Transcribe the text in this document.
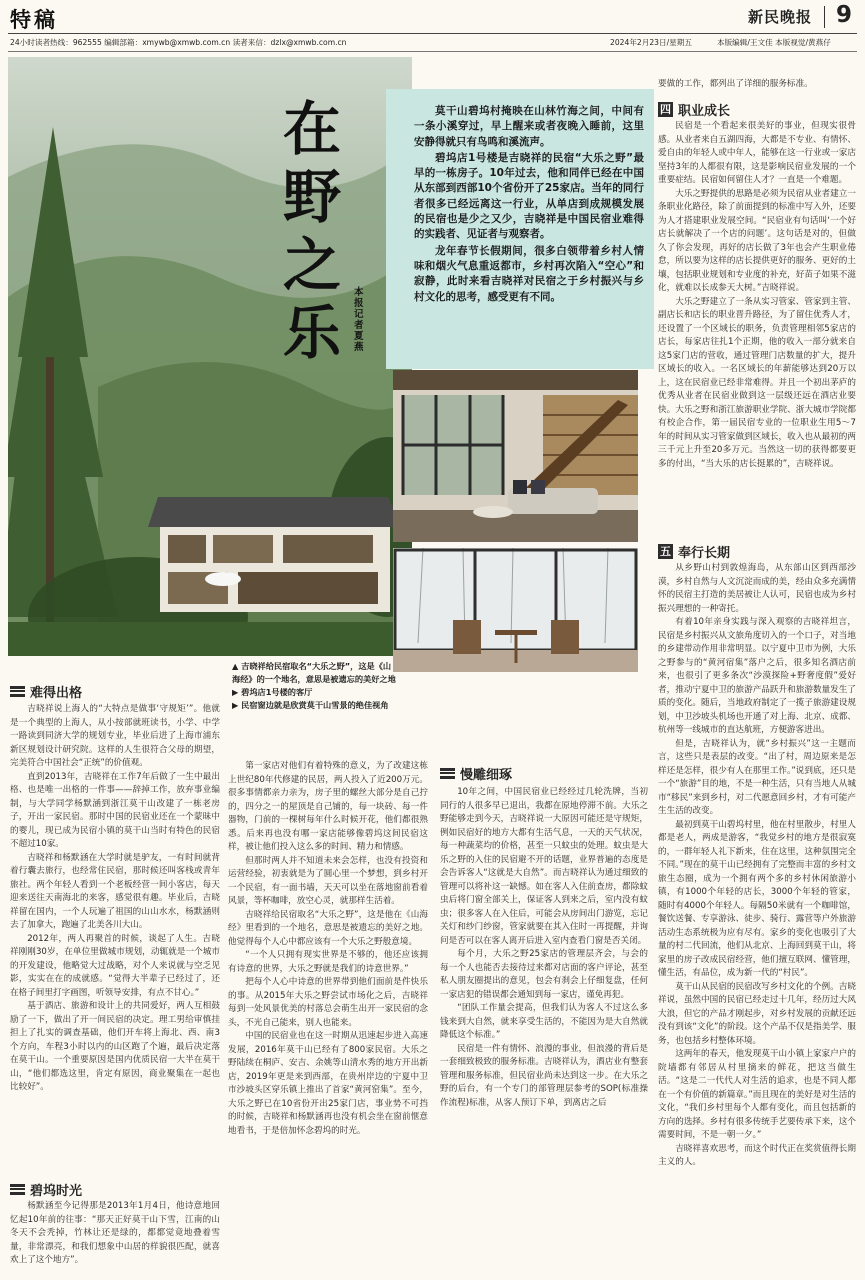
特稿	新民晚报 9
24小时读者热线：962555 编辑部箱：xmywb@xmwb.com.cn 读者来信：dzlx@xmwb.com.cn	2024年2月23日/星期五	本版编辑/王文佳 本版视觉/黄燕仔
在
野
之
乐
本报记者 夏燕

莫干山碧坞村掩映在山林竹海之间，中间有一条小溪穿过，早上醒来或者夜晚入睡前，这里安静得就只有鸟鸣和溪流声。

碧坞店1号楼是吉晓祥的民宿“大乐之野”最早的一栋房子。10年过去，他和同伴已经在中国从东部到西部10个省份开了25家店。当年的同行者很多已经远离这一行业，从单店到成规模发展的民宿也是少之又少，吉晓祥是中国民宿业难得的实践者、见证者与观察者。

龙年春节长假期间，很多白领带着乡村人情味和烟火气息重返都市，乡村再次陷入“空心”和寂静，此时来看吉晓祥对民宿之于乡村振兴与乡村文化的思考，感受更有不同。

▲ 吉晓祥给民宿取名“大乐之野”，这是《山海经》的一个地名，意思是被遗忘的美好之地
▶ 碧坞店1号楼的客厅
▶ 民宿窗边就是欣赏莫干山雪景的绝佳视角
难得出格
碧坞时光
慢雕细琢
四 职业成长
五 奉行长期

吉晓祥说上海人的“大特点是做事‘守规矩’”。他就是一个典型的上海人，从小按部就班读书，小学、中学一路读到同济大学的规划专业，毕业后进了上海市浦东新区规划设计研究院。这样的人生很符合父母的期望，完美符合中国社会“正统”的价值观。

直到2013年，吉晓祥在工作7年后做了一生中最出格、也是唯一出格的一件事——辞掉工作，放弃事业编制，与大学同学杨默涵到浙江莫干山改建了一栋老房子，开出一家民宿。那时中国的民宿业还在一个蒙昧中的婴儿，现已成为民宿小镇的莫干山当时有特色的民宿不超过10家。

吉晓祥和杨默涵在大学时就是驴友，一有时间就背着行囊去旅行，也经常住民宿，那时候还叫客栈或青年旅社。两个年轻人看到一个老板经营一间小客店，每天迎来送往天南海北的来客，感觉很有趣。毕业后，吉晓祥留在国内，一个人玩遍了祖国的山山水水，杨默涵则去了加拿大，跑遍了北美各川大山。

2012年，两人再聚首的时候，谈起了人生。吉晓祥刚刚30岁，在单位里做城市规划，动辄就是一个城市的开发建设，他略觉大过战略，对个人来说就与空乏见影，实实在在的成就感。“觉得大半辈子已经过了，还在格子间里打字画图，听领导安排，有点不甘心。”

基于酒店、旅游和设计上的共同爱好，两人互相鼓励了一下，做出了开一间民宿的决定。理工男给审慎挂担上了扎实的调查基础，他们开车将上海北、西、南3个方向，车程3小时以内的山区跑了个遍，最后决定落在莫干山。一个重要原因是国内优质民宿一大半在莫干山，“他们都选这里，肯定有原因，商业聚集在一起也比较好”。

杨默涵至今记得那是2013年1月4日，他诗意地回忆起10年前的往事：“那天正好莫干山下雪，江南的山冬天不会秃掉，竹林让还是绿的，都都觉竟地叠着雪量，非常漂亮，和我们想象中山居的样貌很匹配，就喜欢上了这个地方”。

第一家店对他们有着特殊的意义，为了改建这栋上世纪80年代修建的民居，两人投入了近200万元。很多事情都亲力亲为，房子里的螺丝大部分是自己拧的，四分之一的屋顶是自己铺的，每一块砖、每一件器物，门前的一棵树每年什么时候开花，他们都很熟悉。后来再也没有哪一家店能够像碧坞这间民宿这样，被让他们投入这么多的时间、精力和情感。

但那时两人并不知道未来会怎样，也没有投资和运营经验，初衷就是为了圆心里一个梦想，到乡村开一个民宿，有一面书墙，天天可以坐在落地窗前看着风景，等杯咖啡，放空心灵，就那样生活着。

吉晓祥给民宿取名“大乐之野”，这是他在《山海经》里看到的一个地名，意思是被遗忘的美好之地。他觉得每个人心中都应该有一个大乐之野般意境。

“一个人只拥有现实世界是不够的，他还应该拥有诗意的世界，大乐之野就是我们的诗意世界。”

把每个人心中诗意的世界带到他们面前是件快乐的事。从2015年大乐之野尝试市场化之后，吉晓祥每到一处风景优美的村落总会萌生出开一家民宿的念头，不光自己能来，别人也能来。

中国的民宿业也在这一时期从迅速起步进入高速发展，2016年莫干山已经有了800家民宿。大乐之野陆续在桐庐、安吉、余姚等山清水秀的地方开出新店，2019年更是来到西部，在贵州岸边的宁夏中卫市沙坡头区穿乐镇上推出了首家“黄河窑集”。至今，大乐之野已在10省份开出25家门店，事业势不可挡的时候，吉晓祥和杨默涵再也没有机会坐在窗前惬意地看书，于是倍加怀念碧坞的时光。

10年之间，中国民宿业已经经过几轮洗牌，当初同行的人很多早已退出，我都在原地停滞不前。大乐之野能够走到今天，吉晓祥说一大原因可能还是守规矩，例如民宿好的地方大都有生活气息，一天的天气状况，每一种蔬菜均的价格，甚至一只蚊虫的处理。蚊虫是大乐之野的入住的民宿避不开的话题，业界普遍的态度是会告诉客人“这就是大自然”。而吉晓祥认为通过细致的管理可以将补这一缺憾。如在客人入住前查房，都除蚊虫后将门窗全部关上，保证客人到来之后，室内没有蚊虫；很多客人在入住后，可能会从房间出门游览，忘记关灯和纱门纱窗，管家就要在其入住时一再提醒，并询问是否可以在客人离开后进入室内查看门窗是否关闭。

每个月，大乐之野25家店的管理层齐会，与会的每一个人也能否去接待过来都对店面的客户评论，甚至私人朋友圈提出的意见，包会有刹会上仔细复盘，任何一家店犯的错误都会通知到每一家店，谨免再犯。

“团队工作量会提高，但我们认为客人不过这么多钱来到大自然，就来享受生活的，不能因为是大自然就降低这个标准。”

民宿是一件有情怀、浪漫的事业，但浪漫的背后是一套细致极致的服务标准。吉晓祥认为，酒店业有整套管理和服务标准，但民宿业尚未达到这一步。在大乐之野的后台，有一个专门的部管理层参考的SOP(标准操作流程)标准，从客人预订下单，到离店之后

要做的工作，都列出了详细的服务标准。

民宿是一个看起来很美好的事业，但现实很骨感。从业者来自五湖四海，大都是不专业、有情怀、爱自由的年轻人或中年人，能够在这一行业或一家店坚持3年的人都很有限，这是影响民宿业发展的一个重要症结。民宿如何留住人才？一直是一个难题。

大乐之野提供的思路是必须为民宿从业者建立一条职业化路径，除了前面提到的标准中写入外，还要为人才搭建职业发展空间。“民宿业有句话叫‘一个好店长就解决了一个店的问题’。这句话是对的，但做久了你会发现，再好的店长做了3年也会产生职业倦怠，所以要为这样的店长提供更好的服务、更好的土壤，包括职业规划和专业度的补充，好苗子如果不滋化，就难以长成参天大树。”吉晓祥说。

大乐之野建立了一条从实习管家、管家到主管、副店长和店长的职业晋升路径，为了留住优秀人才，还设置了一个区域长的职务，负责管理相邻5家店的店长，每家店往扎1个正期，他的收入一部分就来自这5家门店的营收，通过管理门店数量的扩大，提升区域长的收入。一名区域长的年薪能够达到20万以上，这在民宿业已经非常难得。并且一个初出茅庐的优秀从业者在民宿业做到这一层级还远在酒店业要快。大乐之野和浙江旅游职业学院、浙大城市学院都有校企合作，第一届民宿专业的一位职业生用5～7年的时间从实习管家做到区域长，收入也从最初的两三千元上升至20多万元。当然这一切的获得都要更多的付出，“当大乐的店长挺累的”，吉晓祥说。

从乡野山村到敦煌海岛，从东部山区到西部沙漠，乡村自然与人文沉淀而成的美，经由众多充满情怀的民宿主打造的美居被让人认可，民宿也成为乡村振兴理想的一种寄托。

有着10年亲身实践与深入观察的吉晓祥坦言，民宿是乡村振兴从文旅角度切入的一个口子，对当地的乡建带动作用非常明显。以宁夏中卫市为例，大乐之野参与的“黄河宿集”落户之后，很多知名酒店前来，也很引了更多条次“沙漠探险+野奢度假”爱好者，推动宁夏中卫的旅游产品跃升和旅游数量发生了质的变化。随后，当地政府制定了一揽子旅游建设规划，中卫沙坡头机场也开通了对上海、北京、成都、杭州等一线城市的直达航班，方便游客进出。

但是，吉晓祥认为，就“乡村振兴”这一主题而言，这些只是表层的改变。“出了村，周边原来是怎样还是怎样，很少有人在那里工作。”说到底，还只是一个“旅游”目的地，不是一种生活，只有当地人从城市“移民”来到乡村，对二代愿意回乡村，才有可能产生生活的改变。

最初到莫干山碧坞村里，他在村里散步，村里人都是老人，两成是游客，“我觉乡村的地方是很寂寞的，一群年轻人礼下新来，住在这里，这种氛围完全不同。”现在的莫干山已经拥有了完整而丰富的乡村文旅生态圈，成为一个拥有两个多的乡村休闲旅游小镇，有1000个年轻的店长，3000个年轻的管家，随时有4000个年轻人。每隔50米就有一个咖啡馆，餐饮送餐、专享游泳、徒步、骑行、露营等户外旅游活动生态系统极为应有尽有。家乡的变化也吸引了大量的村二代回流，他们从北京、上海回到莫干山，将家里的房子改成民宿经营，他们擅互联网、懂管理，懂生活，有品位，成为新一代的“村民”。

莫干山从民宿的民宿改写乡村文化的个例。吉晓祥说，虽然中国的民宿已经走过十几年，经历过大风大浪，但它的产品才刚起步，对乡村发展的贡献还远没有到该“文化”的阶段。这个产品不仅是指美学、服务，也包括乡村整体环境。

这两年的春天，他发现莫干山小镇上家家户户的院墙都有邻居从村里摘来的鲜花，把这当做生活。“这是二一代代人对生活的追求，也是不同人都在一个有价值的新篇章。”而且现在的美好是对生活的文化，“我们乡村里每个人都有变化，而且包括新的方向的选择。乡村有很多传统手艺要传承下来，这个需要时间，不是一朝一夕。”

吉晓祥喜欢思考，而这个时代正在奖赏值得长期主义的人。
